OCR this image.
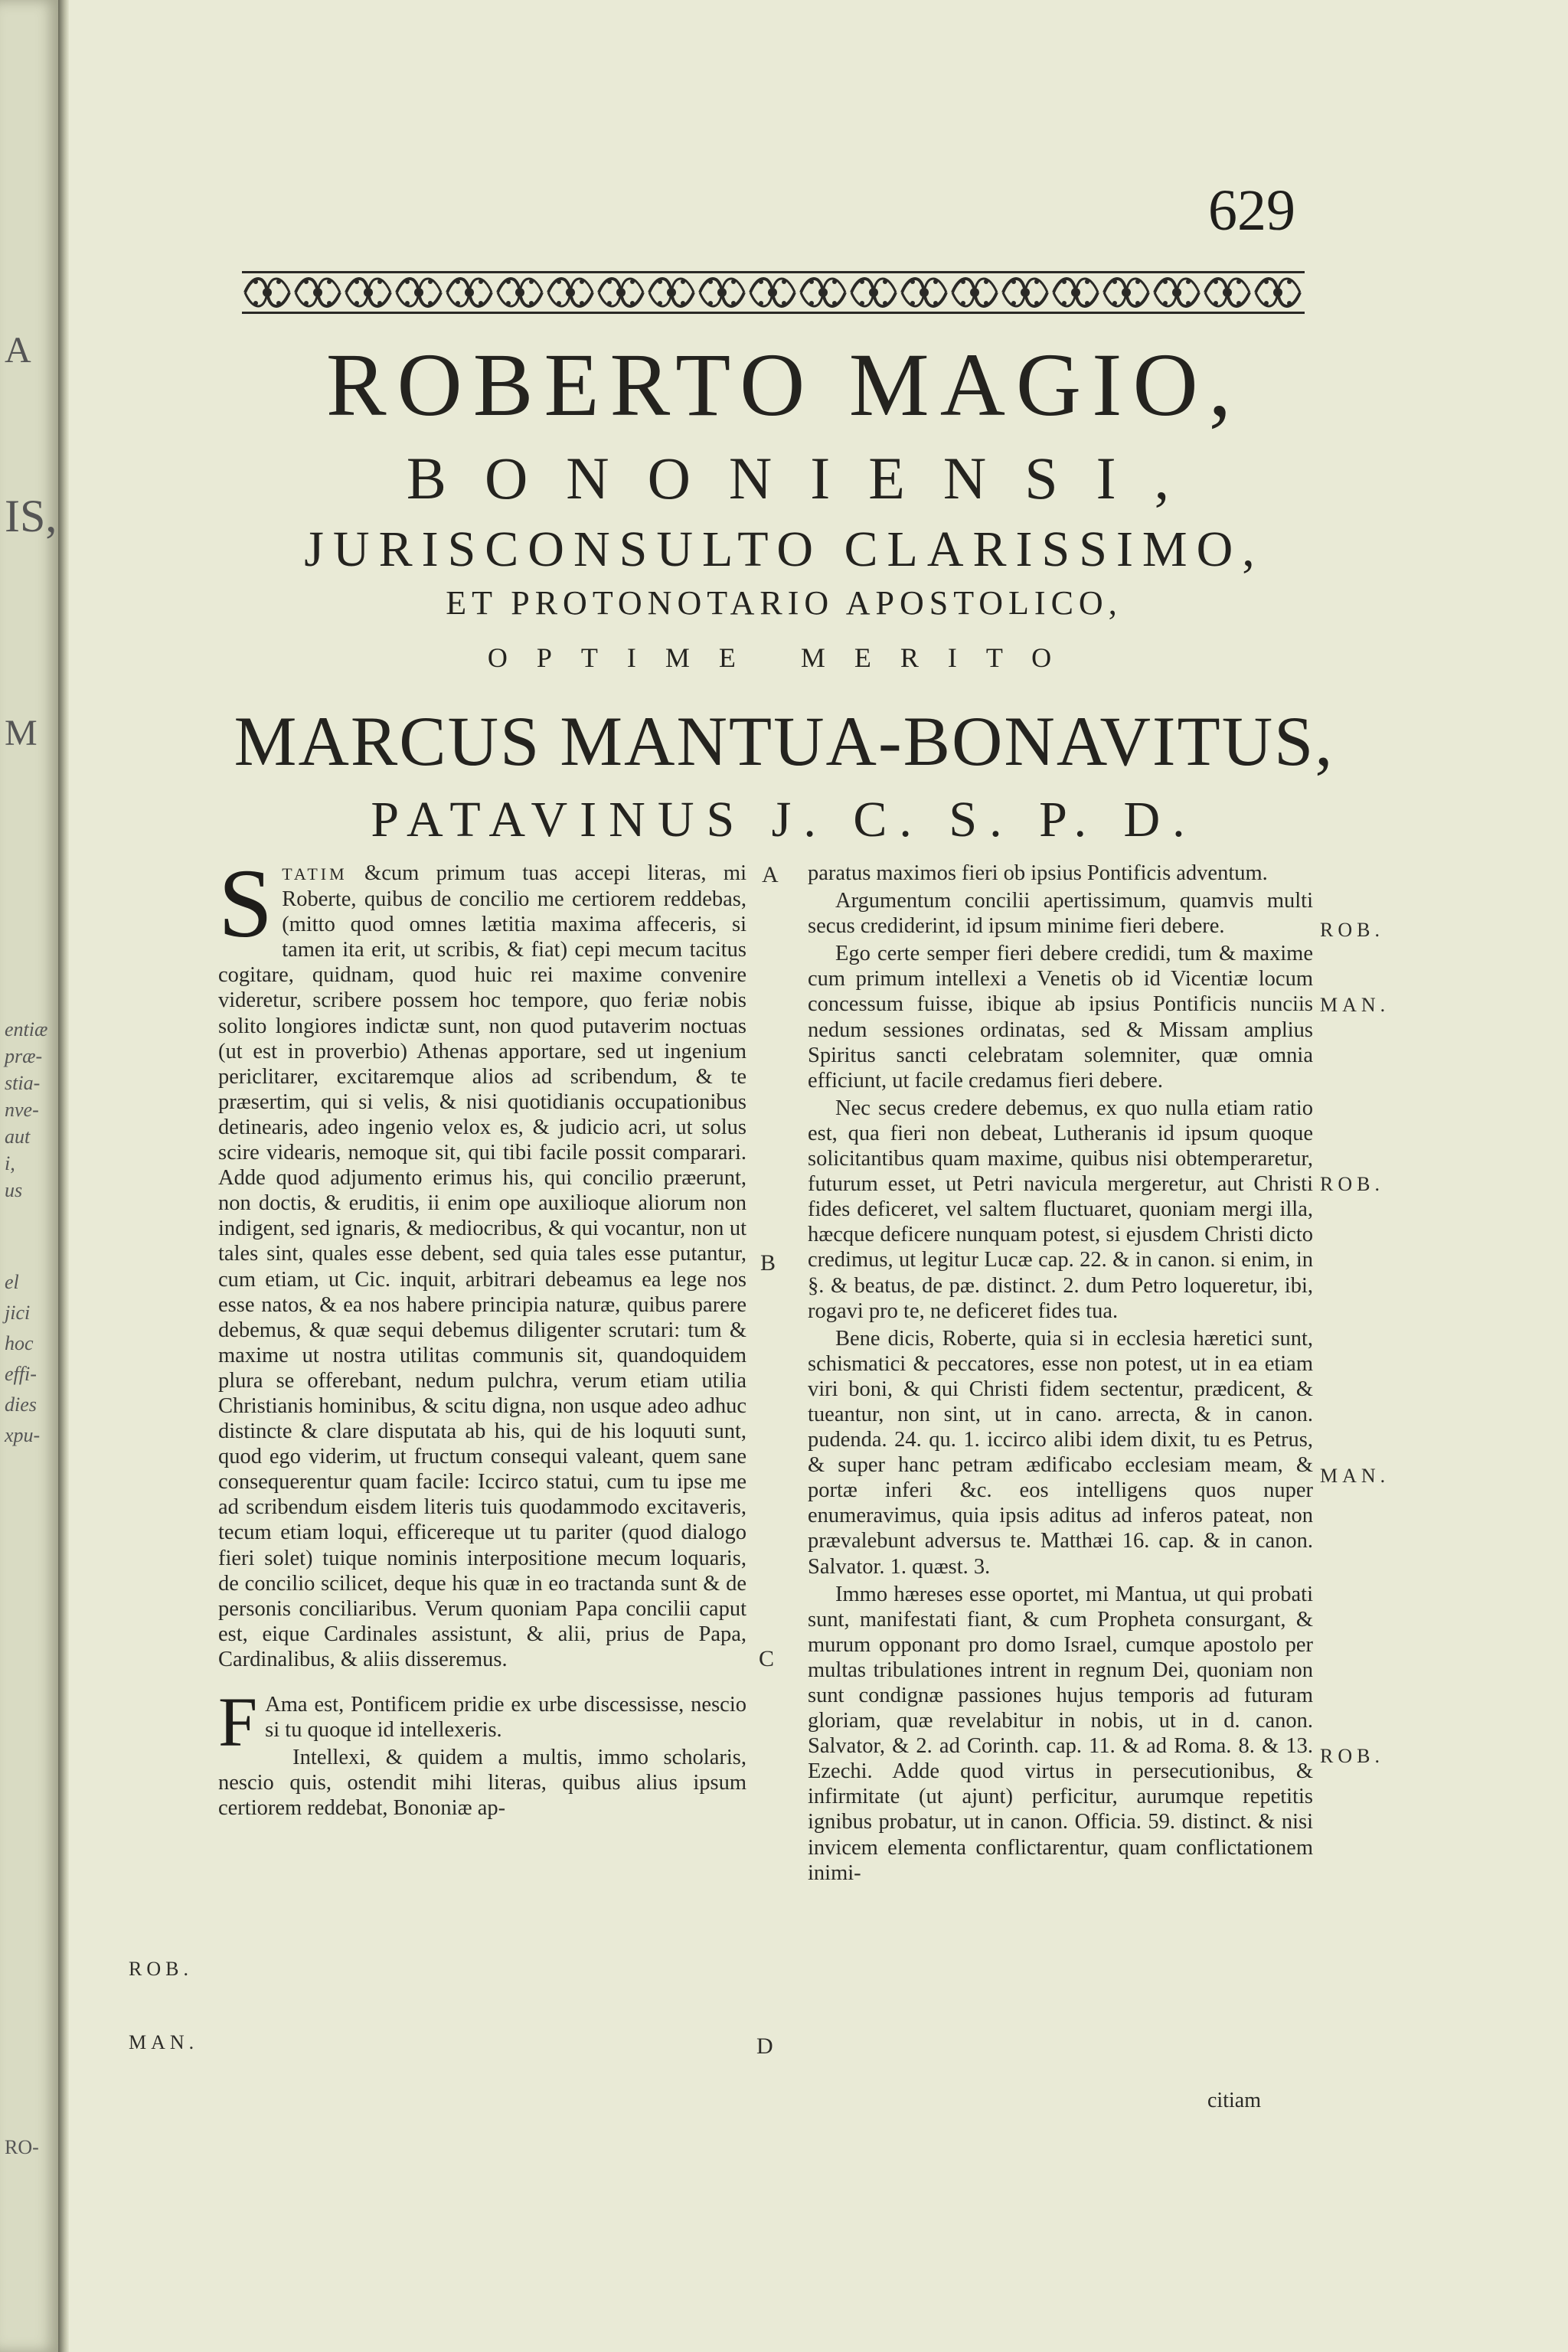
IS,
entiæ
præ-
stia-
nve-
aut
i,
us
el
jici
hoc
effi-
dies
xpu-
RO-
A
M
629
ROBERTO MAGIO,
BONONIENSI,
JURISCONSULTO CLARISSIMO,
ET PROTONOTARIO APOSTOLICO,
OPTIME MERITO
MARCUS MANTUA-BONAVITUS,
PATAVINUS J. C. S. P. D.

STATIM &cum primum tuas accepi literas, mi Roberte, quibus de concilio me certiorem reddebas, (mitto quod omnes lætitia maxima affeceris, si tamen ita erit, ut scribis, & fiat) cepi mecum tacitus cogitare, quidnam, quod huic rei maxime convenire videretur, scribere possem hoc tempore, quo feriæ nobis solito longiores indictæ sunt, non quod putaverim noctuas (ut est in proverbio) Athenas apportare, sed ut ingenium periclitarer, excitaremque alios ad scribendum, & te præsertim, qui si velis, & nisi quotidianis occupationibus detinearis, adeo ingenio velox es, & judicio acri, ut solus scire videaris, nemoque sit, qui tibi facile possit comparari. Adde quod adjumento erimus his, qui concilio præerunt, non doctis, & eruditis, ii enim ope auxilioque aliorum non indigent, sed ignaris, & mediocribus, & qui vocantur, non ut tales sint, quales esse debent, sed quia tales esse putantur, cum etiam, ut Cic. inquit, arbitrari debeamus ea lege nos esse natos, & ea nos habere principia naturæ, quibus parere debemus, & quæ sequi debemus diligenter scrutari: tum & maxime ut nostra utilitas communis sit, quandoquidem plura se offerebant, nedum pulchra, verum etiam utilia Christianis hominibus, & scitu digna, non usque adeo adhuc distincte & clare disputata ab his, qui de his loquuti sunt, quod ego viderim, ut fructum consequi valeant, quem sane consequerentur quam facile: Iccirco statui, cum tu ipse me ad scribendum eisdem literis tuis quodammodo excitaveris, tecum etiam loqui, efficereque ut tu pariter (quod dialogo fieri solet) tuique nominis interpositione mecum loquaris, de concilio scilicet, deque his quæ in eo tractanda sunt & de personis conciliaribus. Verum quoniam Papa concilii caput est, eique Cardinales assistunt, & alii, prius de Papa, Cardinalibus, & aliis disseremus.

F Ama est, Pontificem pridie ex urbe discessisse, nescio si tu quoque id intellexeris.

Intellexi, & quidem a multis, immo scholaris, nescio quis, ostendit mihi literas, quibus alius ipsum certiorem reddebat, Bononiæ ap-

paratus maximos fieri ob ipsius Pontificis adventum.

Argumentum concilii apertissimum, quamvis multi secus crediderint, id ipsum minime fieri debere.

Ego certe semper fieri debere credidi, tum & maxime cum primum intellexi a Venetis ob id Vicentiæ locum concessum fuisse, ibique ab ipsius Pontificis nunciis nedum sessiones ordinatas, sed & Missam amplius Spiritus sancti celebratam solemniter, quæ omnia efficiunt, ut facile credamus fieri debere.

Nec secus credere debemus, ex quo nulla etiam ratio est, qua fieri non debeat, Lutheranis id ipsum quoque solicitantibus quam maxime, quibus nisi obtemperaretur, futurum esset, ut Petri navicula mergeretur, aut Christi fides deficeret, vel saltem fluctuaret, quoniam mergi illa, hæcque deficere nunquam potest, si ejusdem Christi dicto credimus, ut legitur Lucæ cap. 22. & in canon. si enim, in §. & beatus, de pæ. distinct. 2. dum Petro loqueretur, ibi, rogavi pro te, ne deficeret fides tua.

Bene dicis, Roberte, quia si in ecclesia hæretici sunt, schismatici & peccatores, esse non potest, ut in ea etiam viri boni, & qui Christi fidem sectentur, prædicent, & tueantur, non sint, ut in cano. arrecta, & in canon. pudenda. 24. qu. 1. iccirco alibi idem dixit, tu es Petrus, & super hanc petram ædificabo ecclesiam meam, & portæ inferi &c. eos intelligens quos nuper enumeravimus, quia ipsis aditus ad inferos pateat, non prævalebunt adversus te. Matthæi 16. cap. & in canon. Salvator. 1. quæst. 3.

Immo hæreses esse oportet, mi Mantua, ut qui probati sunt, manifestati fiant, & cum Propheta consurgant, & murum opponant pro domo Israel, cumque apostolo per multas tribulationes intrent in regnum Dei, quoniam non sunt condignæ passiones hujus temporis ad futuram gloriam, quæ revelabitur in nobis, ut in d. canon. Salvator, & 2. ad Corinth. cap. 11. & ad Roma. 8. & 13. Ezechi. Adde quod virtus in persecutionibus, & infirmitate (ut ajunt) perficitur, aurumque repetitis ignibus probatur, ut in canon. Officia. 59. distinct. & nisi invicem elementa conflictarentur, quam conflictationem inimi-

citiam
A
B
C
D
ROB.
MAN.
ROB.
MAN.
ROB.
MAN.
ROB.
